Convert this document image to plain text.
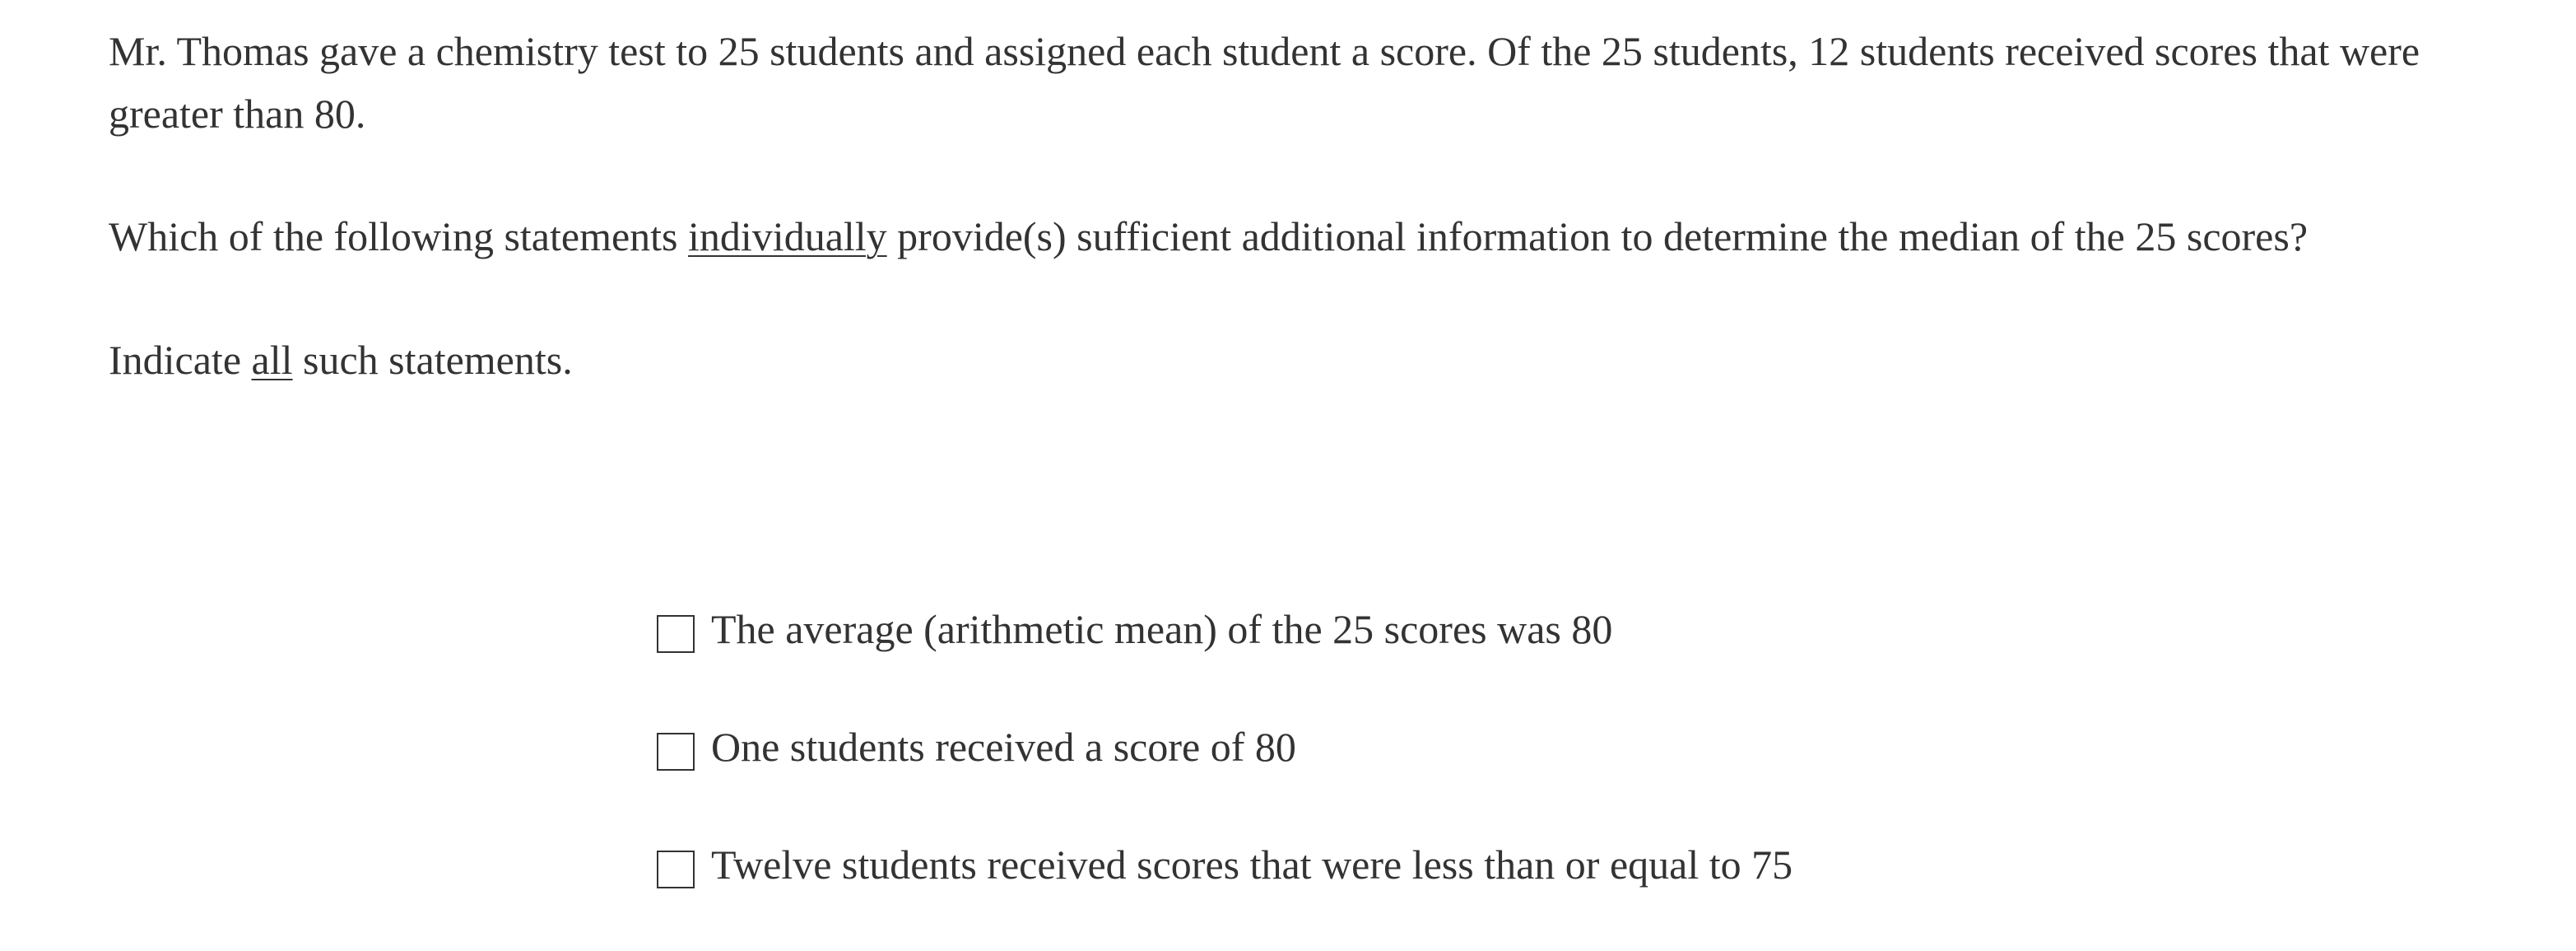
Mr. Thomas gave a chemistry test to 25 students and assigned each student a score. Of the 25 students, 12 students received scores that were greater than 80.

Which of the following statements individually provide(s) sufficient additional information to determine the median of the 25 scores?

Indicate all such statements.

The average (arithmetic mean) of the 25 scores was 80
One students received a score of 80
Twelve students received scores that were less than or equal to 75
